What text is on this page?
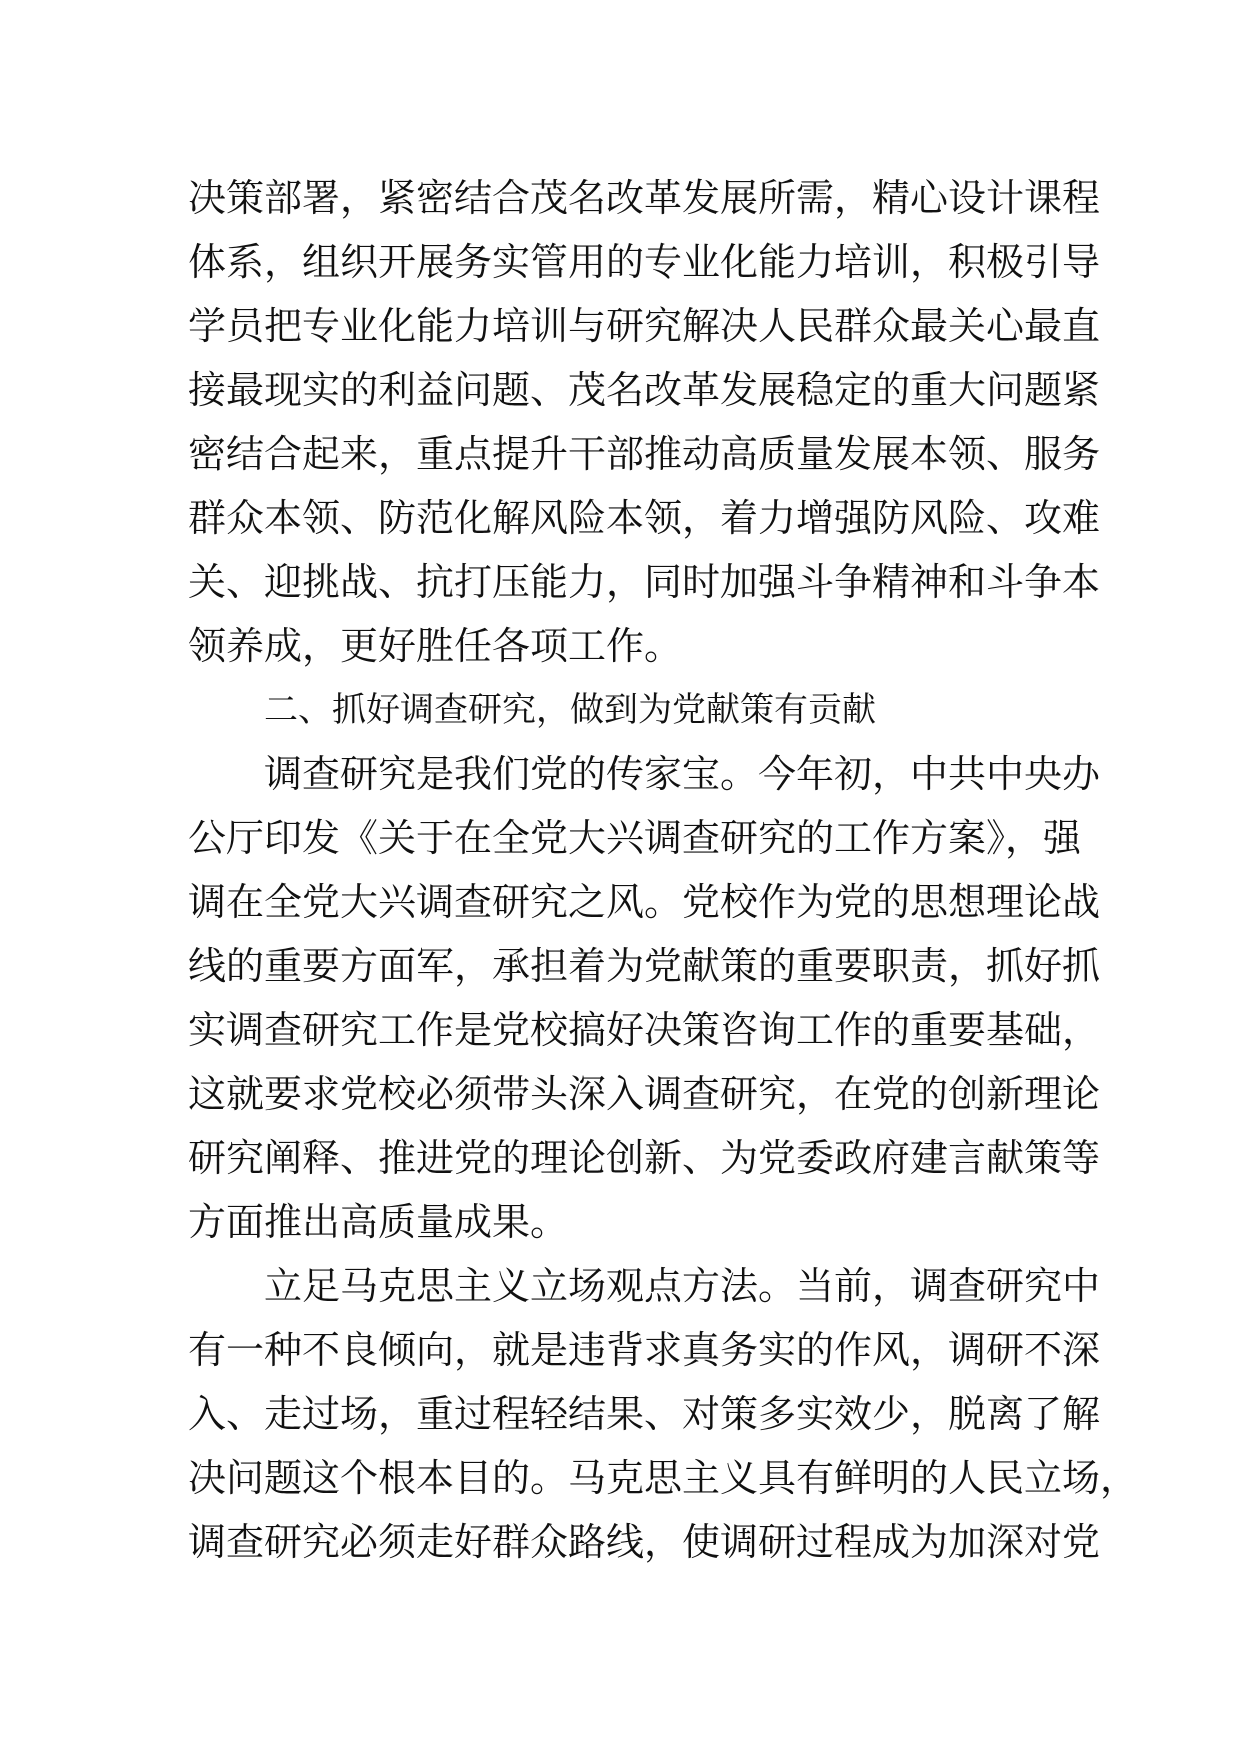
决策部署，紧密结合茂名改革发展所需，精心设计课程
体系，组织开展务实管用的专业化能力培训，积极引导
学员把专业化能力培训与研究解决人民群众最关心最直
接最现实的利益问题、茂名改革发展稳定的重大问题紧
密结合起来，重点提升干部推动高质量发展本领、服务
群众本领、防范化解风险本领，着力增强防风险、攻难
关、迎挑战、抗打压能力，同时加强斗争精神和斗争本
领养成，更好胜任各项工作。
二、抓好调查研究，做到为党献策有贡献
调查研究是我们党的传家宝。今年初，中共中央办
公厅印发《关于在全党大兴调查研究的工作方案》，强
调在全党大兴调查研究之风。党校作为党的思想理论战
线的重要方面军，承担着为党献策的重要职责，抓好抓
实调查研究工作是党校搞好决策咨询工作的重要基础，
这就要求党校必须带头深入调查研究，在党的创新理论
研究阐释、推进党的理论创新、为党委政府建言献策等
方面推出高质量成果。
立足马克思主义立场观点方法。当前，调查研究中
有一种不良倾向，就是违背求真务实的作风，调研不深
入、走过场，重过程轻结果、对策多实效少，脱离了解
决问题这个根本目的。马克思主义具有鲜明的人民立场，
调查研究必须走好群众路线，使调研过程成为加深对党
